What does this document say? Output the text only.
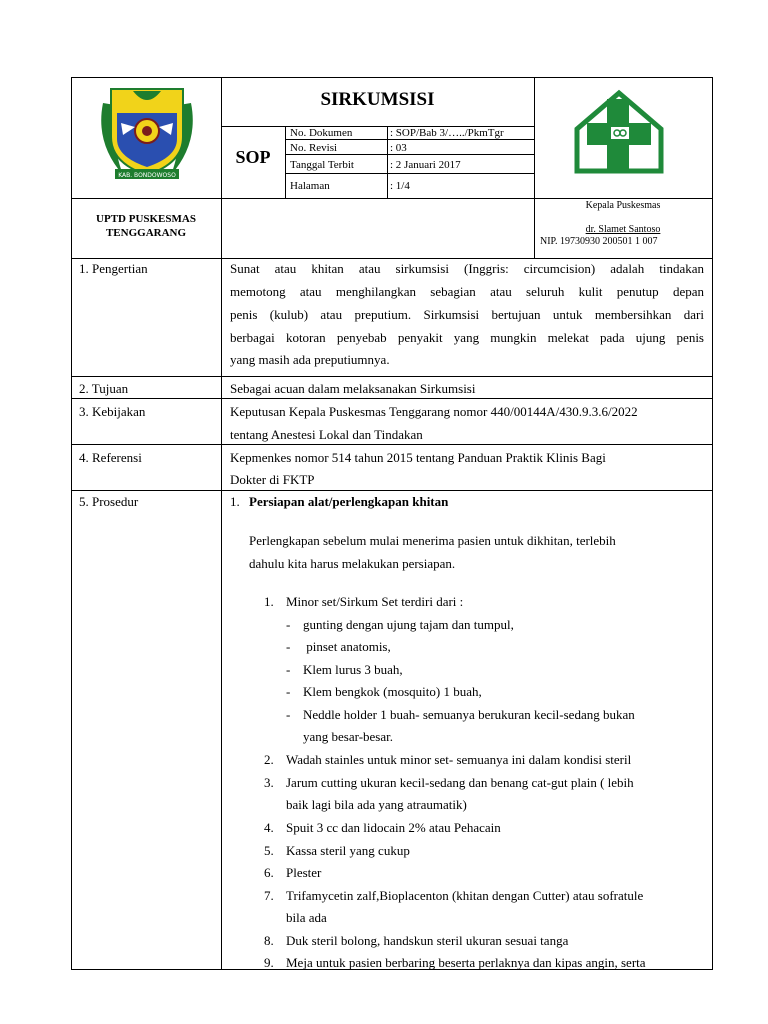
KAB. BONDOWOSO
SIRKUMSISI
SOP
No. Dokumen	: SOP/Bab 3/…../PkmTgr
No. Revisi	: 03
Tanggal Terbit	: 2 Januari 2017
Halaman	: 1/4
UPTD PUSKESMAS
TENGGARANG
Kepala Puskesmas
dr. Slamet Santoso
NIP. 19730930 200501 1 007
1. Pengertian	Sunat atau khitan atau sirkumsisi (Inggris: circumcision) adalah tindakan
memotong atau menghilangkan sebagian atau seluruh kulit penutup depan
penis (kulub) atau preputium. Sirkumsisi bertujuan untuk membersihkan dari
berbagai kotoran penyebab penyakit yang mungkin melekat pada ujung penis
yang masih ada preputiumnya.
2. Tujuan	Sebagai acuan dalam melaksanakan Sirkumsisi
3. Kebijakan	Keputusan Kepala Puskesmas Tenggarang nomor 440/00144A/430.9.3.6/2022
tentang Anestesi Lokal dan Tindakan
4. Referensi	Kepmenkes nomor 514 tahun 2015 tentang Panduan Praktik Klinis Bagi
Dokter di FKTP
5. Prosedur	1. Persiapan alat/perlengkapan khitan
Perlengkapan sebelum mulai menerima pasien untuk dikhitan, terlebih
dahulu kita harus melakukan persiapan.
1. Minor set/Sirkum Set terdiri dari :
- gunting dengan ujung tajam dan tumpul,
- pinset anatomis,
- Klem lurus 3 buah,
- Klem bengkok (mosquito) 1 buah,
- Neddle holder 1 buah- semuanya berukuran kecil-sedang bukan
yang besar-besar.
2. Wadah stainles untuk minor set- semuanya ini dalam kondisi steril
3. Jarum cutting ukuran kecil-sedang dan benang cat-gut plain ( lebih
baik lagi bila ada yang atraumatik)
4. Spuit 3 cc dan lidocain 2% atau Pehacain
5. Kassa steril yang cukup
6. Plester
7. Trifamycetin zalf,Bioplacenton (khitan dengan Cutter) atau sofratule
bila ada
8. Duk steril bolong, handskun steril ukuran sesuai tanga
9. Meja untuk pasien berbaring beserta perlaknya dan kipas angin, serta
